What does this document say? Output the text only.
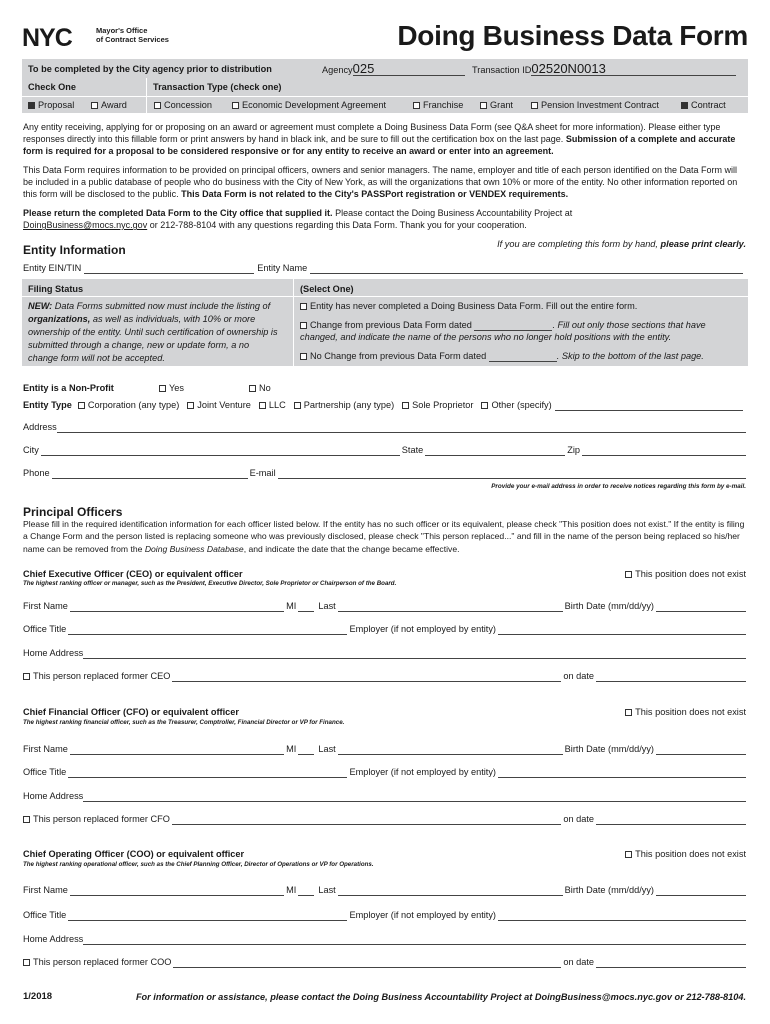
NYC	Mayor's Office
of Contract Services	Doing Business Data Form
To be completed by the City agency prior to distribution	Agency 025	Transaction ID 02520N0013
Check One	Transaction Type (check one)
Proposal	Award	Concession	Economic Development Agreement	Franchise	Grant	Pension Investment Contract	Contract
Any entity receiving, applying for or proposing on an award or agreement must complete a Doing Business Data Form (see Q&A sheet for more information). Please either type responses directly into this fillable form or print answers by hand in black ink, and be sure to fill out the certification box on the last page. Submission of a complete and accurate form is required for a proposal to be considered responsive or for any entity to receive an award or enter into an agreement.
This Data Form requires information to be provided on principal officers, owners and senior managers. The name, employer and title of each person identified on the Data Form will be included in a public database of people who do business with the City of New York, as will the organizations that own 10% or more of the entity. No other information reported on this form will be disclosed to the public. This Data Form is not related to the City's PASSPort registration or VENDEX requirements.
Please return the completed Data Form to the City office that supplied it. Please contact the Doing Business Accountability Project at
DoingBusiness@mocs.nyc.gov or 212-788-8104 with any questions regarding this Data Form. Thank you for your cooperation.
Entity Information	If you are completing this form by hand, please print clearly.
Entity EIN/TIN	Entity Name
Filing Status	(Select One)
NEW: Data Forms submitted now must include the listing of organizations, as well as individuals, with 10% or more ownership of the entity. Until such certification of ownership is submitted through a change, new or update form, a no change form will not be accepted.
Entity has never completed a Doing Business Data Form. Fill out the entire form.
Change from previous Data Form dated	. Fill out only those sections that have changed, and indicate the name of the persons who no longer hold positions with the entity.
No Change from previous Data Form dated	. Skip to the bottom of the last page.
Entity is a Non-Profit	Yes	No
Entity Type	Corporation (any type)	Joint Venture	LLC	Partnership (any type)	Sole Proprietor	Other (specify)
Address
City	State	Zip
Phone	E-mail
Provide your e-mail address in order to receive notices regarding this form by e-mail.
Principal Officers
Please fill in the required identification information for each officer listed below. If the entity has no such officer or its equivalent, please check "This position does not exist." If the entity is filing a Change Form and the person listed is replacing someone who was previously disclosed, please check "This person replaced..." and fill in the name of the person being replaced so his/her name can be removed from the Doing Business Database, and indicate the date that the change became effective.
Chief Executive Officer (CEO) or equivalent officer
The highest ranking officer or manager, such as the President, Executive Director, Sole Proprietor or Chairperson of the Board.
This position does not exist
First Name	MI Last	Birth Date (mm/dd/yy)
Office Title	Employer (if not employed by entity)
Home Address
This person replaced former CEO	on date
Chief Financial Officer (CFO) or equivalent officer
The highest ranking financial officer, such as the Treasurer, Comptroller, Financial Director or VP for Finance.
This position does not exist
First Name	MI Last	Birth Date (mm/dd/yy)
Office Title	Employer (if not employed by entity)
Home Address
This person replaced former CFO	on date
Chief Operating Officer (COO) or equivalent officer
The highest ranking operational officer, such as the Chief Planning Officer, Director of Operations or VP for Operations.
This position does not exist
First Name	MI Last	Birth Date (mm/dd/yy)
Office Title	Employer (if not employed by entity)
Home Address
This person replaced former COO	on date
1/2018	For information or assistance, please contact the Doing Business Accountability Project at DoingBusiness@mocs.nyc.gov or 212-788-8104.
